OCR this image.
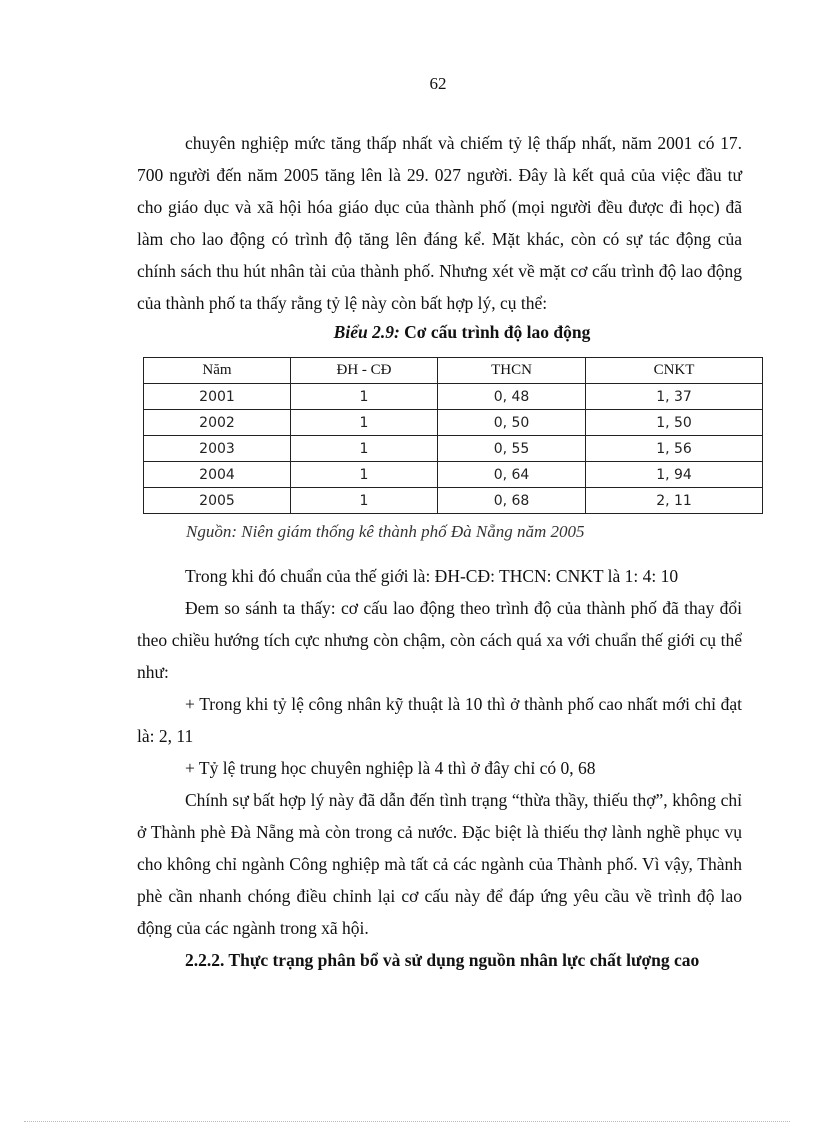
62

chuyên nghiệp mức tăng thấp nhất và chiếm tỷ lệ thấp nhất, năm 2001 có 17. 700 người đến năm 2005 tăng lên là 29. 027 người. Đây là kết quả của việc đầu tư cho giáo dục và xã hội hóa giáo dục của thành phố (mọi người đều được đi học) đã làm cho lao động có trình độ tăng lên đáng kể. Mặt khác, còn có sự tác động của chính sách thu hút nhân tài của thành phố. Nhưng xét về mặt cơ cấu trình độ lao động của thành phố ta thấy rằng tỷ lệ này còn bất hợp lý, cụ thể:

Biểu 2.9: Cơ cấu trình độ lao động
Năm	ĐH - CĐ	THCN	CNKT
2001	1	0, 48	1, 37
2002	1	0, 50	1, 50
2003	1	0, 55	1, 56
2004	1	0, 64	1, 94
2005	1	0, 68	2, 11
Nguồn: Niên giám thống kê thành phố Đà Nẵng năm 2005

Trong khi đó chuẩn của thế giới là: ĐH-CĐ: THCN: CNKT là 1: 4: 10

Đem so sánh ta thấy: cơ cấu lao động theo trình độ của thành phố đã thay đổi theo chiều hướng tích cực nhưng còn chậm, còn cách quá xa với chuẩn thế giới cụ thể như:

+ Trong khi tỷ lệ công nhân kỹ thuật là 10 thì ở thành phố cao nhất mới chỉ đạt là: 2, 11

+ Tỷ lệ trung học chuyên nghiệp là 4 thì ở đây chỉ có 0, 68

Chính sự bất hợp lý này đã dẫn đến tình trạng “thừa thầy, thiếu thợ”, không chỉ ở Thành phè Đà Nẵng mà còn trong cả nước. Đặc biệt là thiếu thợ lành nghề phục vụ cho không chỉ ngành Công nghiệp mà tất cả các ngành của Thành phố. Vì vậy, Thành phè cần nhanh chóng điều chỉnh lại cơ cấu này để đáp ứng yêu cầu về trình độ lao động của các ngành trong xã hội.

2.2.2. Thực trạng phân bổ và sử dụng nguồn nhân lực chất lượng cao
